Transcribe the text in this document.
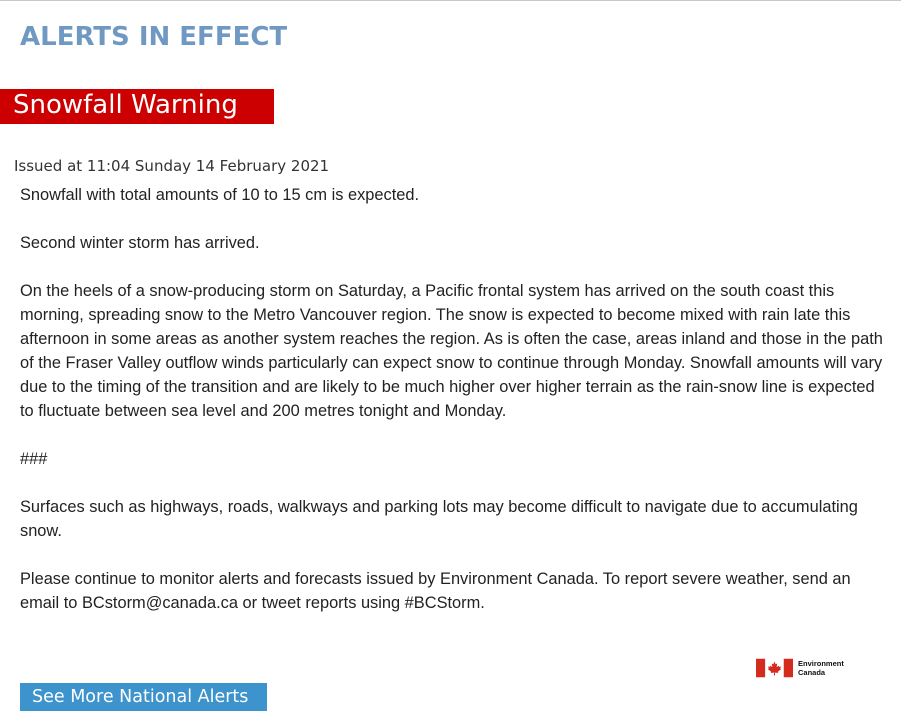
ALERTS IN EFFECT
Snowfall Warning
Issued at 11:04 Sunday 14 February 2021

Snowfall with total amounts of 10 to 15 cm is expected.

Second winter storm has arrived.

On the heels of a snow-producing storm on Saturday, a Pacific frontal system has arrived on the south coast this morning, spreading snow to the Metro Vancouver region. The snow is expected to become mixed with rain late this afternoon in some areas as another system reaches the region. As is often the case, areas inland and those in the path of the Fraser Valley outflow winds particularly can expect snow to continue through Monday. Snowfall amounts will vary due to the timing of the transition and are likely to be much higher over higher terrain as the rain-snow line is expected to fluctuate between sea level and 200 metres tonight and Monday.

###

Surfaces such as highways, roads, walkways and parking lots may become difficult to navigate due to accumulating snow.

Please continue to monitor alerts and forecasts issued by Environment Canada. To report severe weather, send an email to BCstorm@canada.ca or tweet reports using #BCStorm.

Environment
Canada
See More National Alerts
